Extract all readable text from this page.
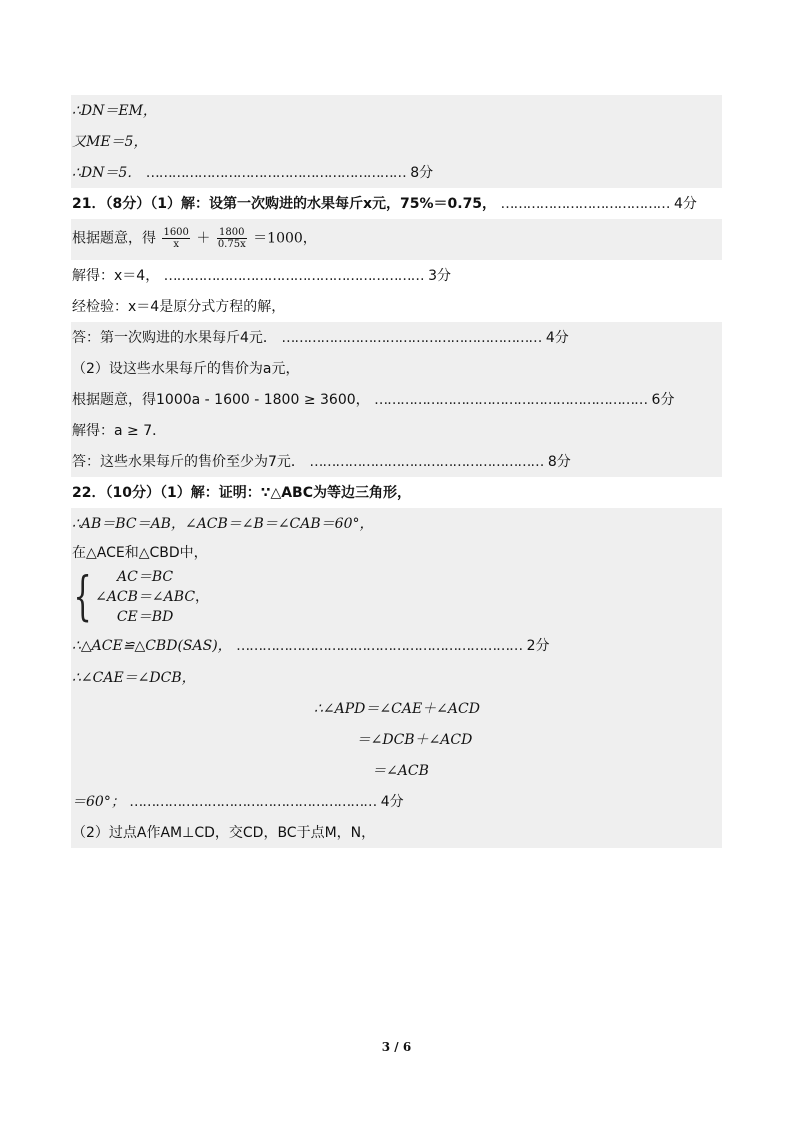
∴DN＝EM，
又ME＝5，
∴DN＝5． …………………………………………………… 8分
21．（8分）（1）解：设第一次购进的水果每斤x元，75%＝0.75， ………………………………… 4分
根据题意，得 $\frac{1600}{x} + \frac{1800}{0.75x} =1000$，
解得：x＝4， …………………………………………………… 3分
经检验：x＝4是原分式方程的解，
答：第一次购进的水果每斤4元． …………………………………………………… 4分
（2）设这些水果每斤的售价为a元，
根据题意，得1000a - 1600 - 1800 ≥ 3600， ……………………………………………………… 6分
解得：a ≥ 7．
答：这些水果每斤的售价至少为7元． ……………………………………………… 8分
22．（10分）（1）解：证明：∵△ABC为等边三角形，
∴AB＝BC＝AB，∠ACB＝∠B＝∠CAB＝60°，
在△ACE和△CBD中，
{ AC＝BC
∠ACB＝∠ABC
CE＝BD
，
∴△ACE≌△CBD(SAS)， ………………………………………………………… 2分
∴∠CAE＝∠DCB，
∴∠APD＝∠CAE＋∠ACD
＝∠DCB＋∠ACD
＝∠ACB
＝60°； ………………………………………………… 4分
（2）过点A作AM⊥CD，交CD，BC于点M，N，
3 / 6
